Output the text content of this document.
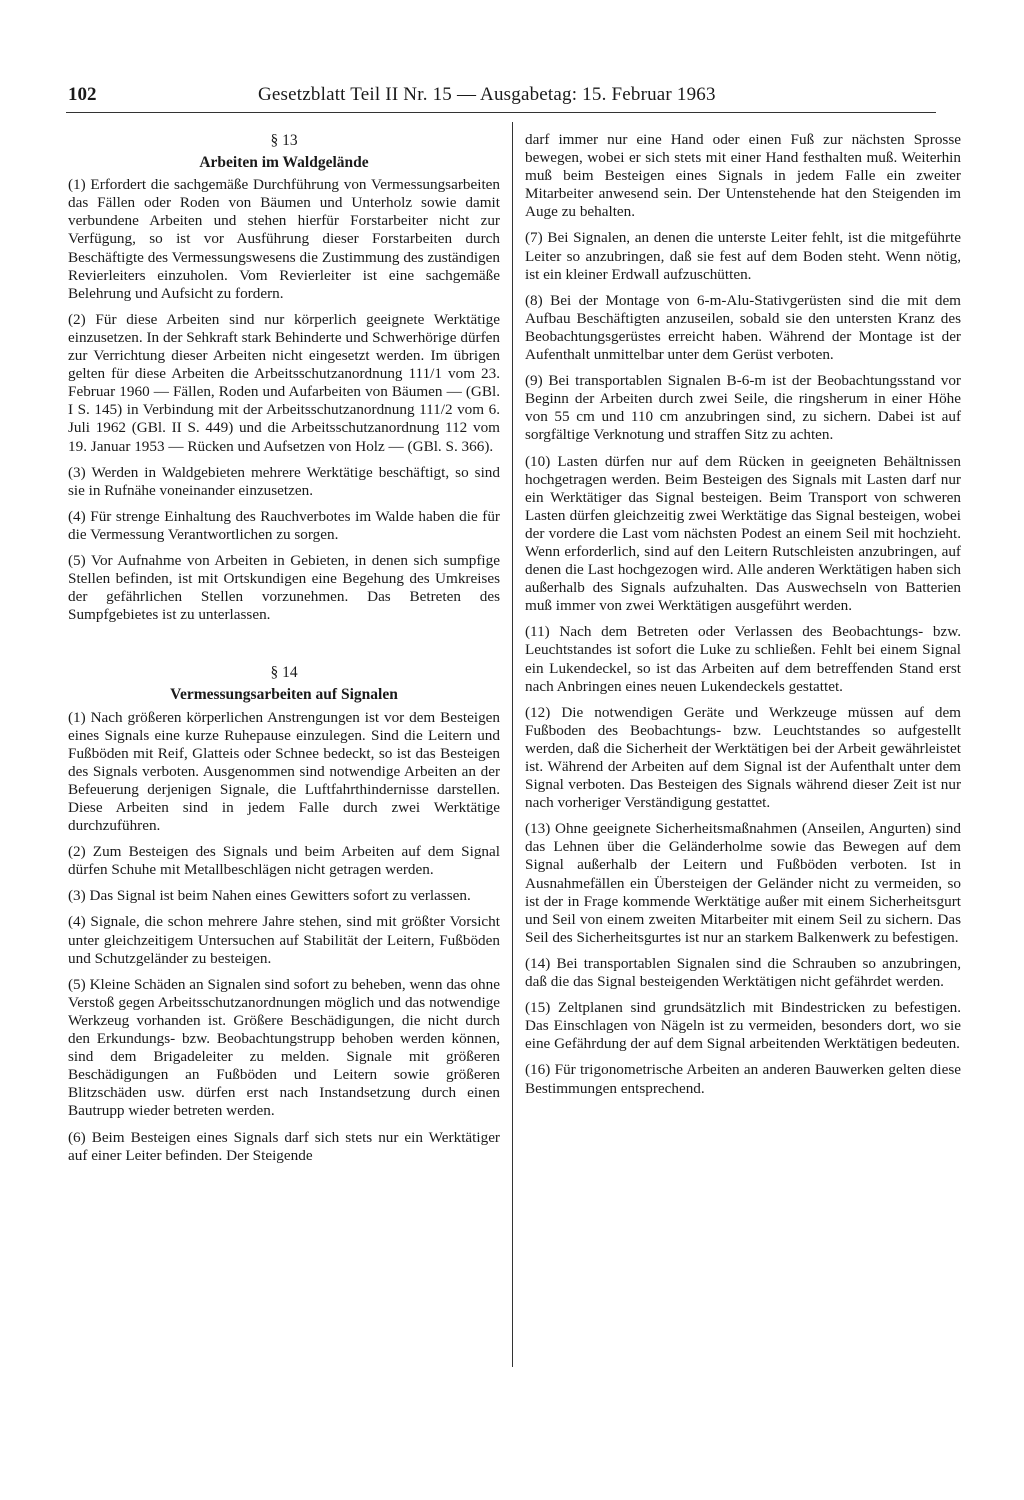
102	Gesetzblatt Teil II Nr. 15 — Ausgabetag: 15. Februar 1963
§ 13
Arbeiten im Waldgelände

(1) Erfordert die sachgemäße Durchführung von Vermessungsarbeiten das Fällen oder Roden von Bäumen und Unterholz sowie damit verbundene Arbeiten und stehen hierfür Forstarbeiter nicht zur Verfügung, so ist vor Ausführung dieser Forstarbeiten durch Beschäftigte des Vermessungswesens die Zustimmung des zuständigen Revierleiters einzuholen. Vom Revierleiter ist eine sachgemäße Belehrung und Aufsicht zu fordern.

(2) Für diese Arbeiten sind nur körperlich geeignete Werktätige einzusetzen. In der Sehkraft stark Behinderte und Schwerhörige dürfen zur Verrichtung dieser Arbeiten nicht eingesetzt werden. Im übrigen gelten für diese Arbeiten die Arbeitsschutzanordnung 111/1 vom 23. Februar 1960 — Fällen, Roden und Aufarbeiten von Bäumen — (GBl. I S. 145) in Verbindung mit der Arbeitsschutzanordnung 111/2 vom 6. Juli 1962 (GBl. II S. 449) und die Arbeitsschutzanordnung 112 vom 19. Januar 1953 — Rücken und Aufsetzen von Holz — (GBl. S. 366).

(3) Werden in Waldgebieten mehrere Werktätige beschäftigt, so sind sie in Rufnähe voneinander einzusetzen.

(4) Für strenge Einhaltung des Rauchverbotes im Walde haben die für die Vermessung Verantwortlichen zu sorgen.

(5) Vor Aufnahme von Arbeiten in Gebieten, in denen sich sumpfige Stellen befinden, ist mit Ortskundigen eine Begehung des Umkreises der gefährlichen Stellen vorzunehmen. Das Betreten des Sumpfgebietes ist zu unterlassen.

§ 14
Vermessungsarbeiten auf Signalen

(1) Nach größeren körperlichen Anstrengungen ist vor dem Besteigen eines Signals eine kurze Ruhepause einzulegen. Sind die Leitern und Fußböden mit Reif, Glatteis oder Schnee bedeckt, so ist das Besteigen des Signals verboten. Ausgenommen sind notwendige Arbeiten an der Befeuerung derjenigen Signale, die Luftfahrthindernisse darstellen. Diese Arbeiten sind in jedem Falle durch zwei Werktätige durchzuführen.

(2) Zum Besteigen des Signals und beim Arbeiten auf dem Signal dürfen Schuhe mit Metallbeschlägen nicht getragen werden.

(3) Das Signal ist beim Nahen eines Gewitters sofort zu verlassen.

(4) Signale, die schon mehrere Jahre stehen, sind mit größter Vorsicht unter gleichzeitigem Untersuchen auf Stabilität der Leitern, Fußböden und Schutzgeländer zu besteigen.

(5) Kleine Schäden an Signalen sind sofort zu beheben, wenn das ohne Verstoß gegen Arbeitsschutzanordnungen möglich und das notwendige Werkzeug vorhanden ist. Größere Beschädigungen, die nicht durch den Erkundungs- bzw. Beobachtungstrupp behoben werden können, sind dem Brigadeleiter zu melden. Signale mit größeren Beschädigungen an Fußböden und Leitern sowie größeren Blitzschäden usw. dürfen erst nach Instandsetzung durch einen Bautrupp wieder betreten werden.

(6) Beim Besteigen eines Signals darf sich stets nur ein Werktätiger auf einer Leiter befinden. Der Steigende

darf immer nur eine Hand oder einen Fuß zur nächsten Sprosse bewegen, wobei er sich stets mit einer Hand festhalten muß. Weiterhin muß beim Besteigen eines Signals in jedem Falle ein zweiter Mitarbeiter anwesend sein. Der Untenstehende hat den Steigenden im Auge zu behalten.

(7) Bei Signalen, an denen die unterste Leiter fehlt, ist die mitgeführte Leiter so anzubringen, daß sie fest auf dem Boden steht. Wenn nötig, ist ein kleiner Erdwall aufzuschütten.

(8) Bei der Montage von 6-m-Alu-Stativgerüsten sind die mit dem Aufbau Beschäftigten anzuseilen, sobald sie den untersten Kranz des Beobachtungsgerüstes erreicht haben. Während der Montage ist der Aufenthalt unmittelbar unter dem Gerüst verboten.

(9) Bei transportablen Signalen B-6-m ist der Beobachtungsstand vor Beginn der Arbeiten durch zwei Seile, die ringsherum in einer Höhe von 55 cm und 110 cm anzubringen sind, zu sichern. Dabei ist auf sorgfältige Verknotung und straffen Sitz zu achten.

(10) Lasten dürfen nur auf dem Rücken in geeigneten Behältnissen hochgetragen werden. Beim Besteigen des Signals mit Lasten darf nur ein Werktätiger das Signal besteigen. Beim Transport von schweren Lasten dürfen gleichzeitig zwei Werktätige das Signal besteigen, wobei der vordere die Last vom nächsten Podest an einem Seil mit hochzieht. Wenn erforderlich, sind auf den Leitern Rutschleisten anzubringen, auf denen die Last hochgezogen wird. Alle anderen Werktätigen haben sich außerhalb des Signals aufzuhalten. Das Auswechseln von Batterien muß immer von zwei Werktätigen ausgeführt werden.

(11) Nach dem Betreten oder Verlassen des Beobachtungs- bzw. Leuchtstandes ist sofort die Luke zu schließen. Fehlt bei einem Signal ein Lukendeckel, so ist das Arbeiten auf dem betreffenden Stand erst nach Anbringen eines neuen Lukendeckels gestattet.

(12) Die notwendigen Geräte und Werkzeuge müssen auf dem Fußboden des Beobachtungs- bzw. Leuchtstandes so aufgestellt werden, daß die Sicherheit der Werktätigen bei der Arbeit gewährleistet ist. Während der Arbeiten auf dem Signal ist der Aufenthalt unter dem Signal verboten. Das Besteigen des Signals während dieser Zeit ist nur nach vorheriger Verständigung gestattet.

(13) Ohne geeignete Sicherheitsmaßnahmen (Anseilen, Angurten) sind das Lehnen über die Geländerholme sowie das Bewegen auf dem Signal außerhalb der Leitern und Fußböden verboten. Ist in Ausnahmefällen ein Übersteigen der Geländer nicht zu vermeiden, so ist der in Frage kommende Werktätige außer mit einem Sicherheitsgurt und Seil von einem zweiten Mitarbeiter mit einem Seil zu sichern. Das Seil des Sicherheitsgurtes ist nur an starkem Balkenwerk zu befestigen.

(14) Bei transportablen Signalen sind die Schrauben so anzubringen, daß die das Signal besteigenden Werktätigen nicht gefährdet werden.

(15) Zeltplanen sind grundsätzlich mit Bindestricken zu befestigen. Das Einschlagen von Nägeln ist zu vermeiden, besonders dort, wo sie eine Gefährdung der auf dem Signal arbeitenden Werktätigen bedeuten.

(16) Für trigonometrische Arbeiten an anderen Bauwerken gelten diese Bestimmungen entsprechend.
